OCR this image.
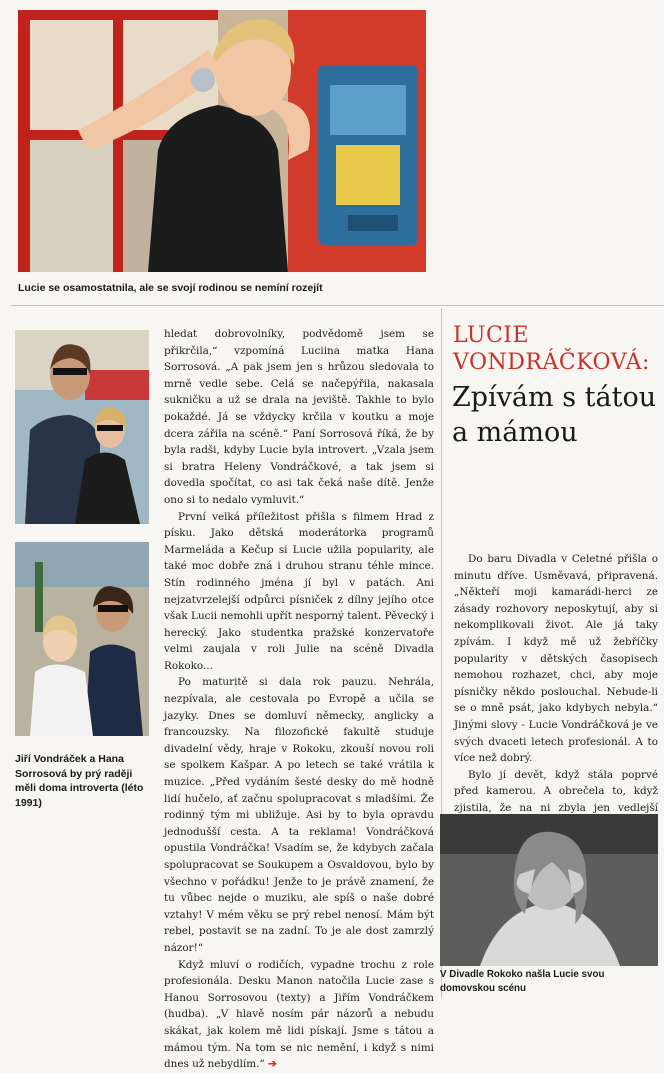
Lucie se osamostatnila, ale se svojí rodinou se nemíní rozejít
Jiří Vondráček a Hana Sorrosová by prý raději měli doma introverta (léto 1991)

hledat dobrovolníky, podvědomě jsem se přikrčila,“ vzpomíná Luciina matka Hana Sorrosová. „A pak jsem jen s hrůzou sledovala to mrně vedle sebe. Celá se načepýřila, nakasala sukničku a už se drala na jeviště. Takhle to bylo pokaždé. Já se vždycky krčila v koutku a moje dcera zářila na scéně.“ Paní Sorrosová říká, že by byla radši, kdyby Lucie byla introvert. „Vzala jsem si bratra Heleny Vondráčkové, a tak jsem si dovedla spočítat, co asi tak čeká naše dítě. Jenže ono si to nedalo vymluvit.“

První velká příležitost přišla s filmem Hrad z písku. Jako dětská moderátorka programů Marmeláda a Kečup si Lucie užila popularity, ale také moc dobře zná i druhou stranu téhle mince. Stín rodinného jména jí byl v patách. Ani nejzatvrzelejší odpůrci písniček z dílny jejího otce však Lucii nemohli upřít nesporný talent. Pěvecký i herecký. Jako studentka pražské konzervatoře velmi zaujala v roli Julie na scéně Divadla Rokoko...

Po maturitě si dala rok pauzu. Nehrála, nezpívala, ale cestovala po Evropě a učila se jazyky. Dnes se domluví německy, anglicky a francouzsky. Na filozofické fakultě studuje divadelní vědy, hraje v Rokoku, zkouší novou roli se spolkem Kašpar. A po letech se také vrátila k muzice. „Před vydáním šesté desky do mě hodně lidí hučelo, ať začnu spolupracovat s mladšími. Že rodinný tým mi ubližuje. Asi by to byla opravdu jednodušší cesta. A ta reklama! Vondráčková opustila Vondráčka! Vsadím se, že kdybych začala spolupracovat se Soukupem a Osvaldovou, bylo by všechno v pořádku! Jenže to je právě znamení, že tu vůbec nejde o muziku, ale spíš o naše dobré vztahy! V mém věku se prý rebel nenosí. Mám být rebel, postavit se na zadní. To je ale dost zamrzlý názor!“

Když mluví o rodičích, vypadne trochu z role profesionála. Desku Manon natočila Lucie zase s Hanou Sorrosovou (texty) a Jiřím Vondráčkem (hudba). „V hlavě nosím pár názorů a nebudu skákat, jak kolem mě lidi pískají. Jsme s tátou a mámou tým. Na tom se nic nemění, i když s nimi dnes už nebydlím.“ ➔

LUCIE
VONDRÁČKOVÁ:
Zpívám s tátou a mámou

Do baru Divadla v Celetné přišla o minutu dříve. Usměvavá, připravená. „Někteří moji kamarádi-herci ze zásady rozhovory neposkytují, aby si nekomplikovali život. Ale já taky zpívám. I když mě už žebříčky popularity v dětských časopisech nemohou rozhazet, chci, aby moje písničky někdo poslouchal. Nebude-li se o mně psát, jako kdybych nebyla.“ Jinými slovy - Lucie Vondráčková je ve svých dvaceti letech profesionál. A to více než dobrý.

Bylo jí devět, když stála poprvé před kamerou. A obrečela to, když zjistila, že na ni zbyla jen vedlejší

V Divadle Rokoko našla Lucie svou domovskou scénu
